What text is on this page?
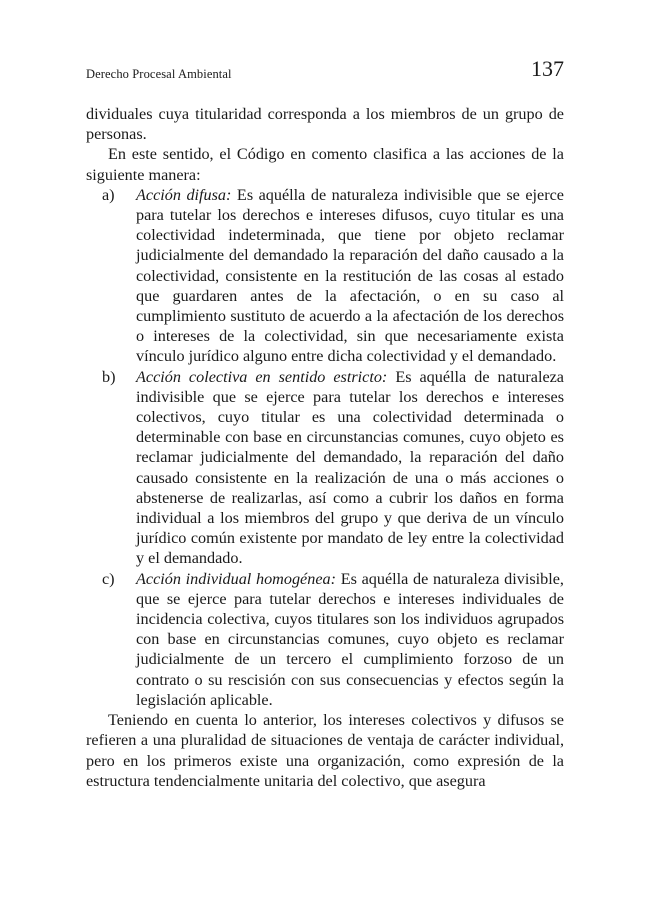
Derecho Procesal Ambiental	137

dividuales cuya titularidad corresponda a los miembros de un grupo de personas.

En este sentido, el Código en comento clasifica a las acciones de la siguiente manera:

a)	Acción difusa: Es aquélla de naturaleza indivisible que se ejerce para tutelar los derechos e intereses difusos, cuyo titular es una colectividad indeterminada, que tiene por objeto reclamar judicialmente del demandado la reparación del daño causado a la colectividad, consistente en la restitución de las cosas al estado que guardaren antes de la afectación, o en su caso al cumplimiento sustituto de acuerdo a la afectación de los derechos o intereses de la colectividad, sin que necesariamente exista vínculo jurídico alguno entre dicha colectividad y el demandado.
b)	Acción colectiva en sentido estricto: Es aquélla de naturaleza indivisible que se ejerce para tutelar los derechos e intereses colectivos, cuyo titular es una colectividad determinada o determinable con base en circunstancias comunes, cuyo objeto es reclamar judicialmente del demandado, la reparación del daño causado consistente en la realización de una o más acciones o abstenerse de realizarlas, así como a cubrir los daños en forma individual a los miembros del grupo y que deriva de un vínculo jurídico común existente por mandato de ley entre la colectividad y el demandado.
c)	Acción individual homogénea: Es aquélla de naturaleza divisible, que se ejerce para tutelar derechos e intereses individuales de incidencia colectiva, cuyos titulares son los individuos agrupados con base en circunstancias comunes, cuyo objeto es reclamar judicialmente de un tercero el cumplimiento forzoso de un contrato o su rescisión con sus consecuencias y efectos según la legislación aplicable.

Teniendo en cuenta lo anterior, los intereses colectivos y difusos se refieren a una pluralidad de situaciones de ventaja de carácter individual, pero en los primeros existe una organización, como expresión de la estructura tendencialmente unitaria del colectivo, que asegura
